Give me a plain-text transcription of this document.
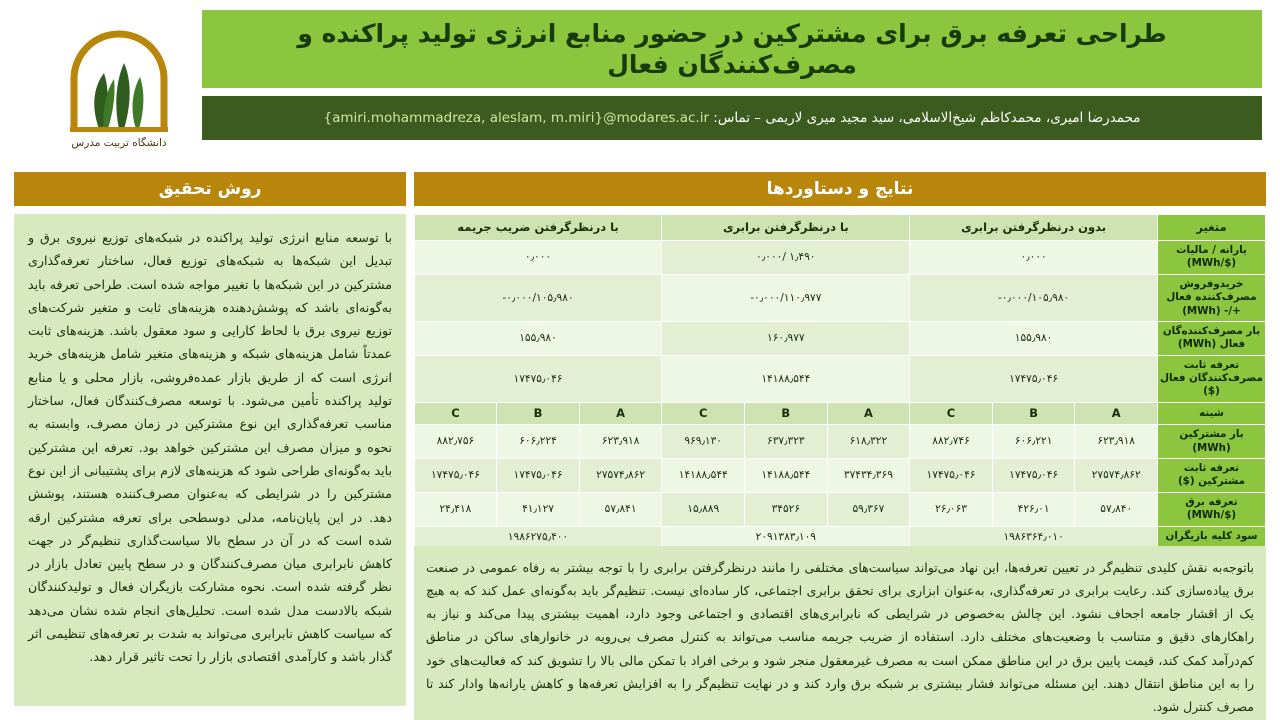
طراحی تعرفه برق برای مشترکین در حضور منابع انرژی تولید پراکنده و مصرف‌کنندگان فعال
محمدرضا امیری، محمدکاظم شیخ‌الاسلامی، سید مجید میری لاریمی – تماس: {amiri.mohammadreza, aleslam, m.miri}@modares.ac.ir
دانشگاه تربیت مدرس
نتایج و دستاوردها
روش تحقیق

با توسعه منابع انرژی تولید پراکنده در شبکه‌های توزیع نیروی برق و تبدیل این شبکه‌ها به شبکه‌های توزیع فعال، ساختار تعرفه‌گذاری مشترکین در این شبکه‌ها با تغییر مواجه شده است. طراحی تعرفه باید به‌گونه‌ای باشد که پوشش‌دهنده هزینه‌های ثابت و متغیر شرکت‌های توزیع نیروی برق با لحاظ کارایی و سود معقول باشد. هزینه‌های ثابت عمدتاً شامل هزینه‌های شبکه و هزینه‌های متغیر شامل هزینه‌های خرید انرژی است که از طریق بازار عمده‌فروشی، بازار محلی و یا منابع تولید پراکنده تأمین می‌شود. با توسعه مصرف‌کنندگان فعال، ساختار مناسب تعرفه‌گذاری این نوع مشترکین در زمان مصرف، وابسته به نحوه و میزان مصرف این مشترکین خواهد بود. تعرفه این مشترکین باید به‌گونه‌ای طراحی شود که هزینه‌های لازم برای پشتیبانی از این نوع مشترکین را در شرایطی که به‌عنوان مصرف‌کننده هستند، پوشش دهد. در این پایان‌نامه، مدلی دوسطحی برای تعرفه مشترکین ارقه شده است که در آن در سطح بالا سیاست‌گذاری تنظیم‌گر در جهت کاهش نابرابری میان مصرف‌کنندگان و در سطح پایین تعادل بازار در نظر گرفته شده است. نحوه مشارکت بازیگران فعال و تولیدکنندگان شبکه بالادست مدل شده است. تحلیل‌های انجام شده نشان می‌دهد که سیاست کاهش نابرابری می‌تواند به شدت بر تعرفه‌های تنظیمی اثر گذار باشد و کارآمدی اقتصادی بازار را تحت تاثیر قرار دهد.

متغیر	بدون درنظرگرفتن برابری			با درنظرگرفتن برابری			با درنظرگرفتن ضریب جریمه		
یارانه / مالیات ($/MWh)	۰٫۰۰۰			۰٫۰۰۰/ ۱٫۴۹۰			۰٫۰۰۰		
خرید‌و‌فروش مصرف‌کننده فعال +/- (MWh)	-۰٫۰۰۰/۱۰۵٫۹۸۰			-۰٫۰۰۰/۱۱۰٫۹۷۷			-۰٫۰۰۰/۱۰۵٫۹۸۰		
بار مصرف‌کننده‌گان فعال (MWh)	۱۵۵٫۹۸۰			۱۶۰٫۹۷۷			۱۵۵٫۹۸۰		
تعرفه ثابت مصرف‌کنندگان فعال ($)	۱۷۴۷۵٫۰۴۶			۱۴۱۸۸٫۵۴۴			۱۷۴۷۵٫۰۴۶		
شینه	A	B	C	A	B	C	A	B	C
بار مشترکین (MWh)	۶۲۳٫۹۱۸	۶۰۶٫۲۲۱	۸۸۲٫۷۴۶	۶۱۸٫۳۲۲	۶۳۷٫۳۲۳	۹۶۹٫۱۳۰	۶۲۳٫۹۱۸	۶۰۶٫۲۲۴	۸۸۲٫۷۵۶
تعرفه ثابت مشترکین ($)	۲۷۵۷۴٫۸۶۲	۱۷۴۷۵٫۰۴۶	۱۷۴۷۵٫۰۴۶	۳۷۴۳۴٫۳۶۹	۱۴۱۸۸٫۵۴۴	۱۴۱۸۸٫۵۴۴	۲۷۵۷۴٫۸۶۲	۱۷۴۷۵٫۰۴۶	۱۷۴۷۵٫۰۴۶
تعرفه برق ($/MWh)	۵۷٫۸۴۰	۴۲۶٫۰۱	۲۶٫۰۶۳	۵۹٫۳۶۷	۳۴۵۲۶	۱۵٫۸۸۹	۵۷٫۸۴۱	۴۱٫۱۲۷	۲۴٫۴۱۸
سود کلیه بازیگران	۱۹۸۶۳۶۴٫۰۱۰			۲۰۹۱۳۸۳٫۱۰۹			۱۹۸۶۲۷۵٫۴۰۰		

باتوجه‌به نقش کلیدی تنظیم‌گر در تعیین تعرفه‌ها، این نهاد می‌تواند سیاست‌های مختلفی را مانند درنظرگرفتن برابری را با توجه بیشتر به رفاه عمومی در صنعت برق پیاده‌سازی کند. رعایت برابری در تعرفه‌گذاری، به‌عنوان ابزاری برای تحقق برابری اجتماعی، کار ساده‌ای نیست. تنظیم‌گر باید به‌گونه‌ای عمل کند که به هیچ یک از اقشار جامعه اجحاف نشود. این چالش به‌خصوص در شرایطی که نابرابری‌های اقتصادی و اجتماعی وجود دارد، اهمیت بیشتری پیدا می‌کند و نیاز به راهکارهای دقیق و متناسب با وضعیت‌های مختلف دارد. استفاده از ضریب جریمه مناسب می‌تواند به کنترل مصرف بی‌رویه در خانوارهای ساکن در مناطق کم‌درآمد کمک کند، قیمت پایین برق در این مناطق ممکن است به مصرف غیرمعقول منجر شود و برخی افراد با تمکن مالی بالا را تشویق کند که فعالیت‌های خود را به این مناطق انتقال دهند. این مسئله می‌تواند فشار بیشتری بر شبکه برق وارد کند و در نهایت تنظیم‌گر را به افزایش تعرفه‌ها و کاهش یارانه‌ها وادار کند تا مصرف کنترل شود.
